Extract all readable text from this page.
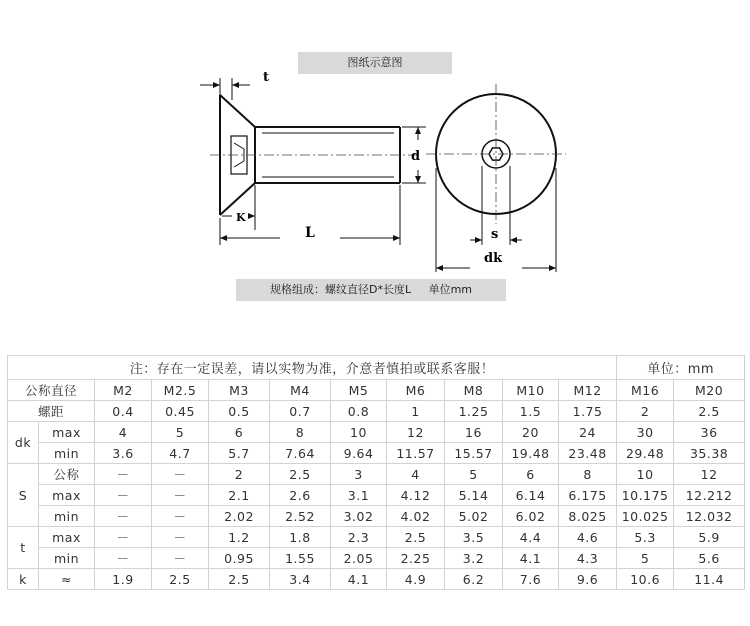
图纸示意图
t
d
K
L	s
dk
规格组成：螺纹直径D*长度L 单位mm
注：存在一定误差，请以实物为准，介意者慎拍或联系客服！											单位：mm	
公称直径		M2	M2.5	M3	M4	M5	M6	M8	M10	M12	M16	M20
螺距		0.4	0.45	0.5	0.7	0.8	1	1.25	1.5	1.75	2	2.5
dk	max	4	5	6	8	10	12	16	20	24	30	36
	min	3.6	4.7	5.7	7.64	9.64	11.57	15.57	19.48	23.48	29.48	35.38
S	公称	－	－	2	2.5	3	4	5	6	8	10	12
	max	－	－	2.1	2.6	3.1	4.12	5.14	6.14	6.175	10.175	12.212
	min	－	－	2.02	2.52	3.02	4.02	5.02	6.02	8.025	10.025	12.032
t	max	－	－	1.2	1.8	2.3	2.5	3.5	4.4	4.6	5.3	5.9
	min	－	－	0.95	1.55	2.05	2.25	3.2	4.1	4.3	5	5.6
k	≈	1.9	2.5	2.5	3.4	4.1	4.9	6.2	7.6	9.6	10.6	11.4
